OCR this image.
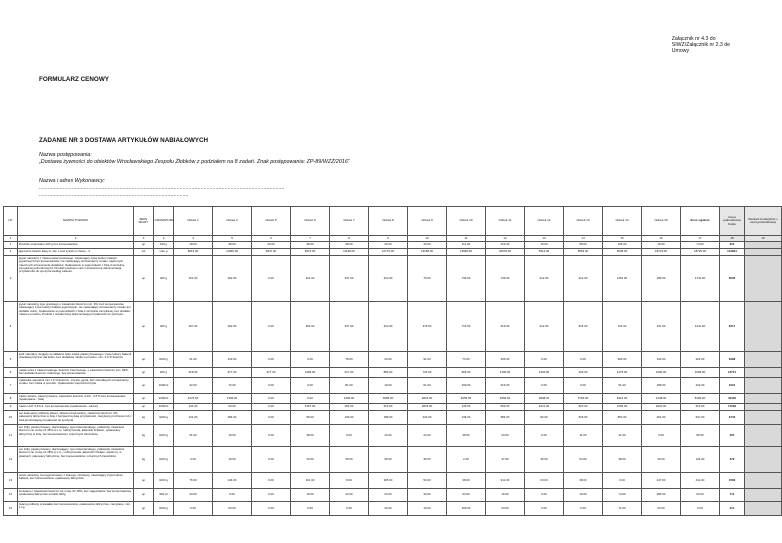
Załącznik nr 4.3 do
SIWZ/Załącznik nr 2.3 de
Umowy
FORMULARZ CENOWY
ZADANIE NR 3 DOSTAWA ARTYKUŁÓW NABIAŁOWYCH
Nazwa postępowania:
„Dostawa żywności do obiektów Wrocławskiego Zespołu Żłobków z podziałem na 8 zadań. Znak postępowania: ZP-89/WZŻ/2016"
Nazwa i adres Wykonawcy:
....................................................................................................................................................................
....................................................................................................
LP.	NAZWA TOWARU	JEDN. MIARY	GRAMATURA	złobek 1	złobek 2	złobek 5	złobek 6	złobek 7	złobek 8	złobek 9	złobek 10	złobek 11	złobek 12	złobek 13	złobek 14	złobek 15	Ilość ogółem	Cena jednostkowa brutto	Wartość brutto(ilość x cena jednostkowa)	
1	2	3	3	4	5	6	7	8	9	10	11	12	13	14	15	16	17	18	19	
1	Drożdże prasowane 100 g bez konserwantów	op	100 g	18.00	38.00	22.00	38.00	38.00	40.00	43.00	111.00	222.00	15.00	58.00	105.00	15.00	74.00	612		
2	jaja kurze świeże klasy A, kat. L kod systemu chowu - 3	szt	L/ku g	8613.00	11699.00	9947.00	6974.00	11199.00	10776.00	13158.00	13983.00	20978.00	5913.00	8553.00	4538.00	18734.00	18725.00	144804		
3	jogurt naturalny z mleka pasteryzowanego, zawierający żywe kultury bakterii jogurtowych bez konserwantów, nie zawierający wzmacniaczy smaku, sądzonych mlecznych wzmocnienia dodatków; Opakowanie w pojemnikach z folią 4 szczelnie zamykanej jednorazowymi, Produkt powinien mieć z dostarczoną dokumentacją przydatności do spożycia według zaleceń.	op	400 g	101.00	202.00	0.00	414.00	347.00	410.00	76.00	736.00	736.00	212.00	212.00	1154.00	189.00	1744.00	6095		
4	jogurt naturalny typu greckiego o zawartości tłuszczu min. 9%, bez konserwantów, zawierający żywe kultury bakterii jogurtowych, nie zawierający wzmacniaczy smaku ani dodatku cukru; Opakowanie w pojemnikach z folią 4 szczelnie zamykanej, bez dodatku mleka w proszku. Produkt z dostarczoną dokumentacją przydatności do spożycia.	op	400 g	197.00	202.00	0.00	364.00	237.00	410.00	378.00	716.00	616.00	212.00	515.00	724.00	101.00	1241.00	6217		
5	kefir naturalny niegęsty ze składem tylko mleka pasteryzowanego i żywe kultury bakterii, charakterystyczne dla kefiru, bez dodatków mleka w proszku, min. 2,0 % tłuszczu	op	1000 g	21.00	143.00	0.00	0.00	78.00	23.00	91.00	73.00	436.00	0.00	0.00	993.00	133.00	222.00	2398		
6	masło extra z mleka krowiego, tłuszczu zwierzęcego, o zawartości tłuszczu min. 82%, bez dodatku tłuszczu roślinnego, bez konserwantów	op	200 g	619.00	977.00	977.00	1286.00	617.00	882.00	725.00	965.00	1390.00	1264.00	232.00	1375.00	1090.00	2295.00	15714		
7	maślanka naturalna min 1,5 % tłuszczu. Czysta, gęsta, bez szkodliwych wzmacniaczy smaku, bez mleka w proszku. Opakowanie nieprzeźroczyste	op	1000ml	32.00	72.00	0.00	0.00	81.00	19.00	61.00	109.00	616.00	0.00	0.00	91.00	189.00	222.00	1621		
8	mleko świeże, pasteryzowane, zawartość tłuszczu 3,2% - 3,5 % bez konserwantów (opakowanie - folia)	op	1000ml	3176.00	1356.00	0.00	0.00	1696.00	3996.00	2832.00	4659.00	4956.00	2898.00	3782.00	4914.00	2138.00	8199.00	44446		
9	mleko UHT 3,2% tł., bez konserwantów (opakowanie - karton)	op	1000ml	141.00	63.00	0.00	4167.00	164.00	513.00	2833.00	136.00	592.00	4221.00	513.00	1266.00	2020.00	513.00	17239		
10	ser twarogowy półtłusty klasa I, łatworozsmarowalny, zawartość tłuszczu: 4%, pakowany fabrycznie w folię z bezpieczną datą przydatności, zamykany próżniowo lub z folią kontrolującą przydatność do spożycia	kg	1000 g	231.00	284.00	0.00	95.00	136.00	189.00	222.00	136.00	584.00	82.00	515.00	551.00	461.00	547.00	3743		
11	ser żółty, pasteryzowany, dojrzewający, typu holenderskiego, półtwardy, zawartość tłuszczu nie mniej niż 45% w s.m; rodzaj Gouda, Edamski N Edam, opakowany fabrycznie w folię, bez konserwantów i sztucznych barwników	kg	1000 g	21.00	19.00	0.00	38.00	9.00	13.00	22.00	38.00	23.00	0.00	11.00	31.00	0.00	95.00	324		
12	ser żółty, pasteryzowany, dojrzewający, typu holenderskiego, półtwardy, zawartość tłuszczu nie mniej niż 45% w s.m.; rodzaj Gouda, Edamski N Edam; wędzony, w plastrach, pakowany fabrycznie, bez konserwantów i sztucznych barwników	kg	1000 g	4.00	19.00	0.00	33.00	35.00	25.00	35.00	2.00	37.00	35.00	54.00	38.00	30.00	134.00	479		
13	serek naturalny, homogenizowany z twarogu i śmietany, zawierający żywe kultury bakterii, bez konserwantów, opakowany fabrycznie	op	1000 g	76.00	134.00	0.00	101.00	8.00	305.00	53.00	38.00	311.00	63.00	38.00	0.00	147.00	211.00	1583		
14	śmietana o zawartości tłuszczu nie mniej niż 18%, bez zagęstników, bez konserwantów, opakowana fabrycznie w kubki 400g	op	400 ml	33.00	9.00	0.00	19.00	22.00	23.00	33.00	63.00	16.00	0.00	19.00	74.00	286.00	63.00	711		
15	twaróg półtłusty w kawałku bez konserwantów, opakowanie fabrycznie, zamykane, min. 1 kg	op	1000 g	0.00	63.00	0.00	0.00	0.00	43.00	19.00	109.00	63.00	0.00	0.00	71.00	63.00	0.00	414		
